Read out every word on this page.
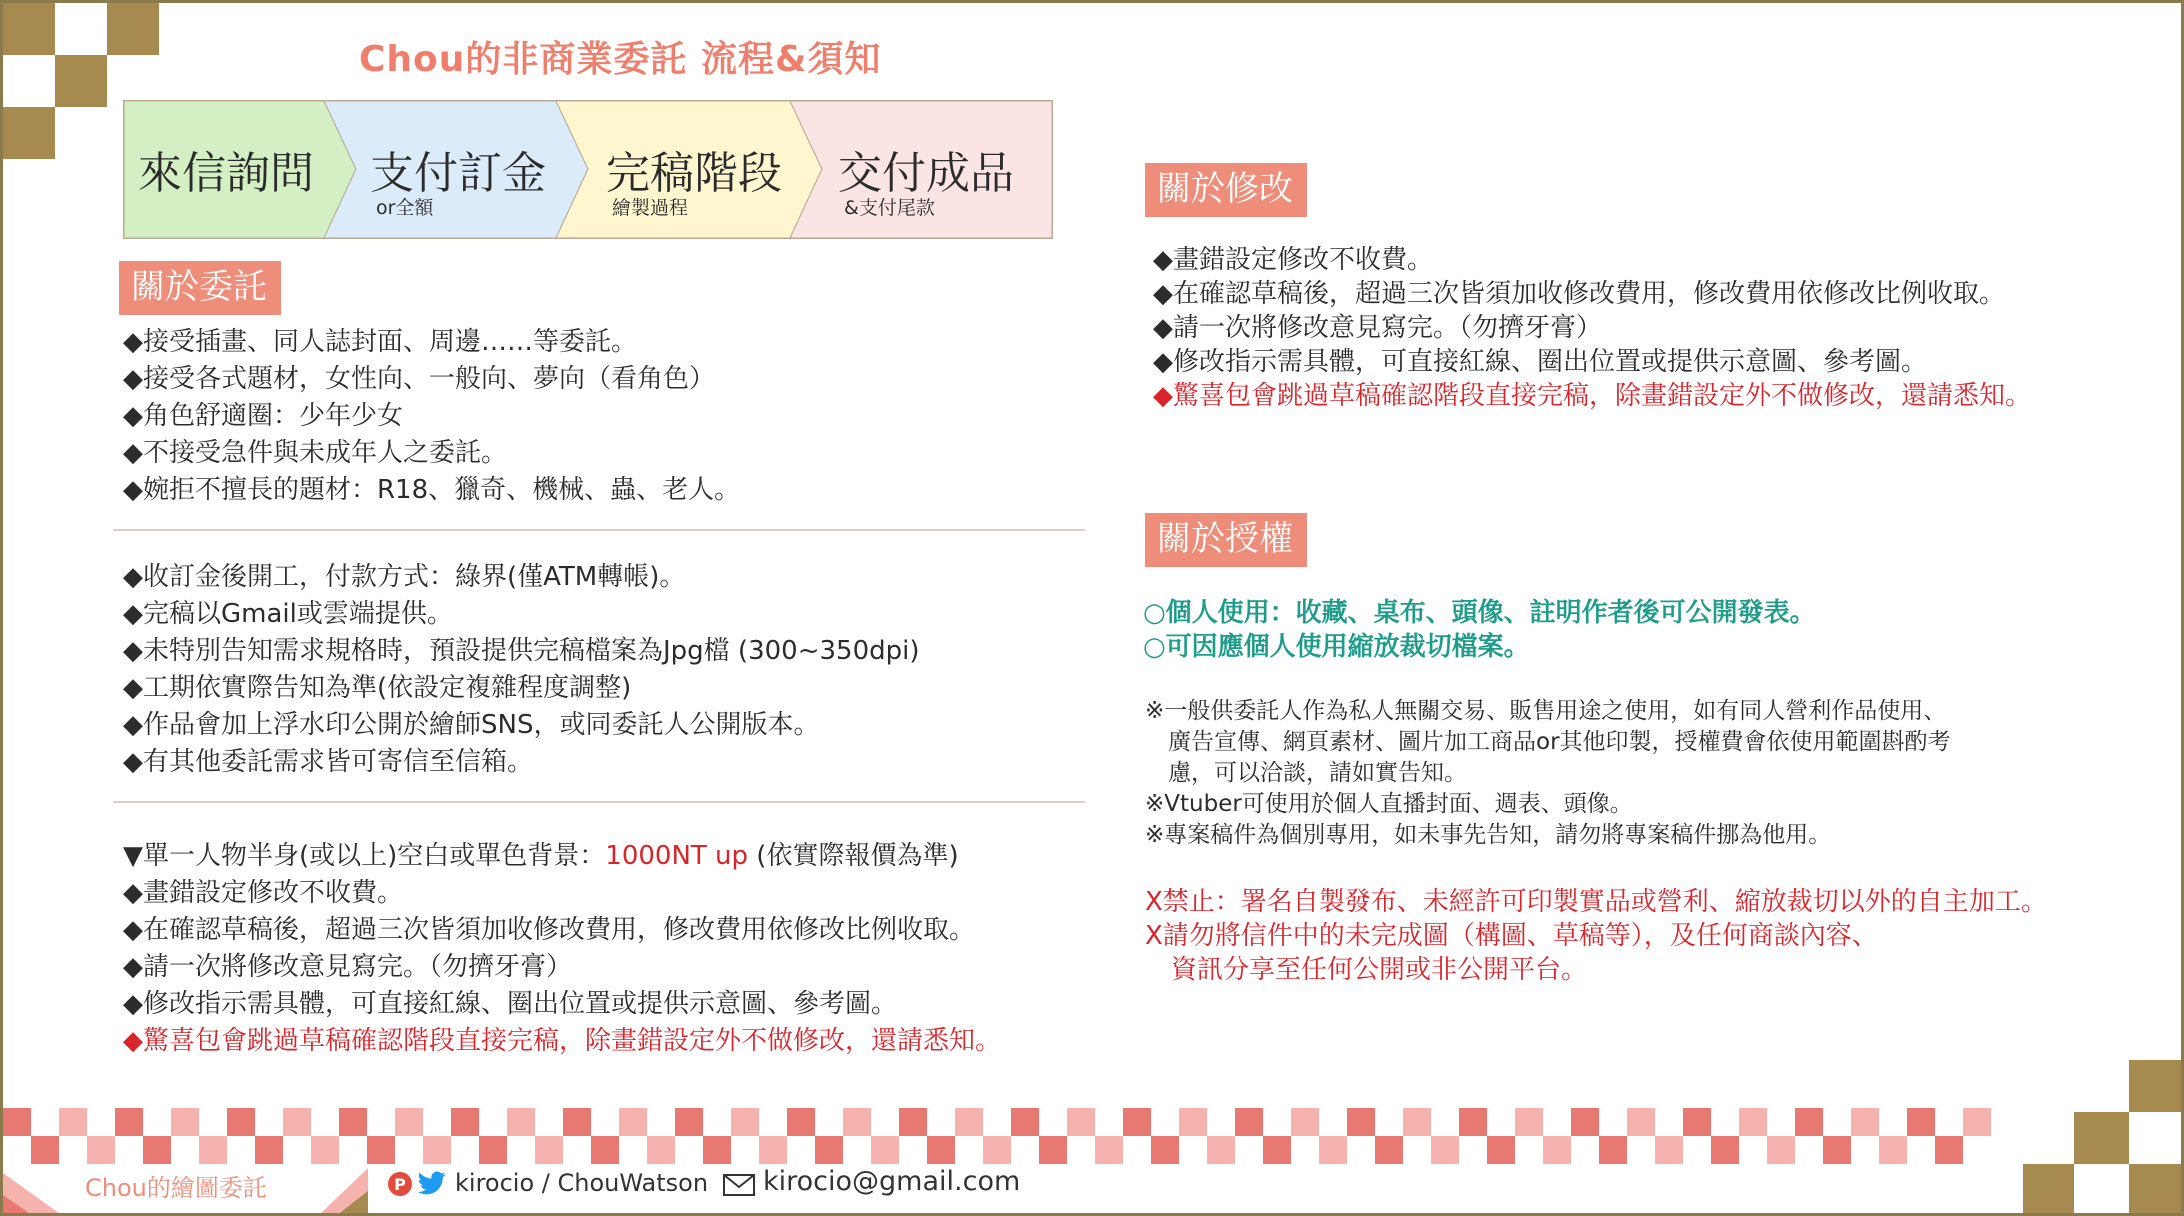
Chou的非商業委託 流程&須知
來信詢問 支付訂金
or全額
完稿階段
繪製過程
交付成品
&支付尾款
關於委託
◆接受插畫、同人誌封面、周邊……等委託。
◆接受各式題材，女性向、一般向、夢向（看角色）
◆角色舒適圈：少年少女
◆不接受急件與未成年人之委託。
◆婉拒不擅長的題材：R18、獵奇、機械、蟲、老人。
◆收訂金後開工，付款方式：綠界(僅ATM轉帳)。
◆完稿以Gmail或雲端提供。
◆未特別告知需求規格時，預設提供完稿檔案為Jpg檔 (300~350dpi)
◆工期依實際告知為準(依設定複雜程度調整)
◆作品會加上浮水印公開於繪師SNS，或同委託人公開版本。
◆有其他委託需求皆可寄信至信箱。
▼單一人物半身(或以上)空白或單色背景：1000NT up (依實際報價為準)
◆畫錯設定修改不收費。
◆在確認草稿後，超過三次皆須加收修改費用，修改費用依修改比例收取。
◆請一次將修改意見寫完。（勿擠牙膏）
◆修改指示需具體，可直接紅線、圈出位置或提供示意圖、參考圖。
◆驚喜包會跳過草稿確認階段直接完稿，除畫錯設定外不做修改，還請悉知。
關於修改
◆畫錯設定修改不收費。
◆在確認草稿後，超過三次皆須加收修改費用，修改費用依修改比例收取。
◆請一次將修改意見寫完。（勿擠牙膏）
◆修改指示需具體，可直接紅線、圈出位置或提供示意圖、參考圖。
◆驚喜包會跳過草稿確認階段直接完稿，除畫錯設定外不做修改，還請悉知。
關於授權
○個人使用：收藏、桌布、頭像、註明作者後可公開發表。
○可因應個人使用縮放裁切檔案。
※一般供委託人作為私人無關交易、販售用途之使用，如有同人營利作品使用、
　廣告宣傳、網頁素材、圖片加工商品or其他印製，授權費會依使用範圍斟酌考
　慮，可以洽談，請如實告知。
※Vtuber可使用於個人直播封面、週表、頭像。
※專案稿件為個別專用，如未事先告知，請勿將專案稿件挪為他用。
X禁止：署名自製發布、未經許可印製實品或營利、縮放裁切以外的自主加工。
X請勿將信件中的未完成圖（構圖、草稿等），及任何商談內容、
　資訊分享至任何公開或非公開平台。
Chou的繪圖委託	P kirocio / ChouWatson kirocio@gmail.com
